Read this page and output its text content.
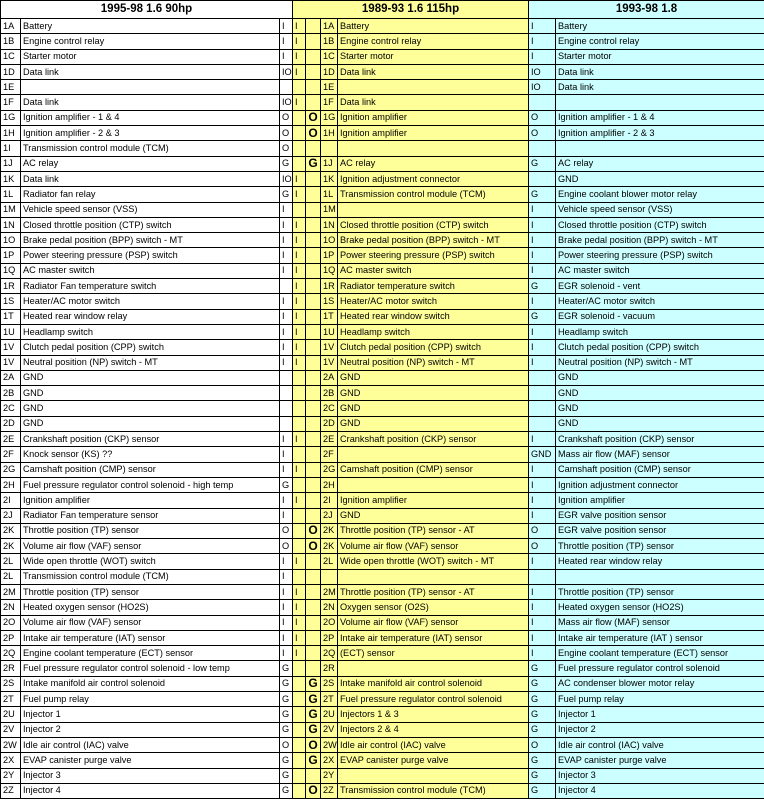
1995-98 1.6 90hp			1989-93 1.6 115hp				1993-98 1.8	
1A	Battery	I	I		1A	Battery	I	Battery
1B	Engine control relay	I	I		1B	Engine control relay	I	Engine control relay
1C	Starter motor	I	I		1C	Starter motor	I	Starter motor
1D	Data link	IO	I		1D	Data link	IO	Data link
1E					1E		IO	Data link
1F	Data link	IO	I		1F	Data link		
1G	Ignition amplifier - 1 & 4	O		O	1G	Ignition amplifier	O	Ignition amplifier - 1 & 4
1H	Ignition amplifier - 2 & 3	O		O	1H	Ignition amplifier	O	Ignition amplifier - 2 & 3
1I	Transmission control module (TCM)	O						
1J	AC relay	G		G	1J	AC relay	G	AC relay
1K	Data link	IO	I		1K	Ignition adjustment connector		GND
1L	Radiator fan relay	G	I		1L	Transmission control module (TCM)	G	Engine coolant blower motor relay
1M	Vehicle speed sensor (VSS)	I			1M		I	Vehicle speed sensor (VSS)
1N	Closed throttle position (CTP) switch	I	I		1N	Closed throttle position (CTP) switch	I	Closed throttle position (CTP) switch
1O	Brake pedal position (BPP) switch - MT	I	I		1O	Brake pedal position (BPP) switch - MT	I	Brake pedal position (BPP) switch - MT
1P	Power steering pressure (PSP) switch	I	I		1P	Power steering pressure (PSP) switch	I	Power steering pressure (PSP) switch
1Q	AC master switch	I	I		1Q	AC master switch	I	AC master switch
1R	Radiator Fan temperature switch		I		1R	Radiator temperature switch	G	EGR solenoid - vent
1S	Heater/AC motor switch	I	I		1S	Heater/AC motor switch	I	Heater/AC motor switch
1T	Heated rear window relay	I	I		1T	Heated rear window switch	G	EGR solenoid - vacuum
1U	Headlamp switch	I	I		1U	Headlamp switch	I	Headlamp switch
1V	Clutch pedal position (CPP) switch	I	I		1V	Clutch pedal position (CPP) switch	I	Clutch pedal position (CPP) switch
1V	Neutral position (NP) switch - MT	I	I		1V	Neutral position (NP) switch - MT	I	Neutral position (NP) switch - MT
2A	GND				2A	GND		GND
2B	GND				2B	GND		GND
2C	GND				2C	GND		GND
2D	GND				2D	GND		GND
2E	Crankshaft position (CKP) sensor	I	I		2E	Crankshaft position (CKP) sensor	I	Crankshaft position (CKP) sensor
2F	Knock sensor (KS) ??	I			2F		GND	Mass air flow (MAF) sensor
2G	Camshaft position (CMP) sensor	I	I		2G	Camshaft position (CMP) sensor	I	Camshaft position (CMP) sensor
2H	Fuel pressure regulator control solenoid - high temp	G			2H		I	Ignition adjustment connector
2I	Ignition amplifier	I	I		2I	Ignition amplifier	I	Ignition amplifier
2J	Radiator Fan temperature sensor	I			2J	GND	I	EGR valve position sensor
2K	Throttle position (TP) sensor	O		O	2K	Throttle position (TP) sensor - AT	O	EGR valve position sensor
2K	Volume air flow (VAF) sensor	O		O	2K	Volume air flow (VAF) sensor	O	Throttle position (TP) sensor
2L	Wide open throttle (WOT) switch	I	I		2L	Wide open throttle (WOT) switch - MT	I	Heated rear window relay
2L	Transmission control module (TCM)	I						
2M	Throttle position (TP) sensor	I	I		2M	Throttle position (TP) sensor - AT	I	Throttle position (TP) sensor
2N	Heated oxygen sensor (HO2S)	I	I		2N	Oxygen sensor (O2S)	I	Heated oxygen sensor (HO2S)
2O	Volume air flow (VAF) sensor	I	I		2O	Volume air flow (VAF) sensor	I	Mass air flow (MAF) sensor
2P	Intake air temperature (IAT) sensor	I	I		2P	Intake air temperature (IAT) sensor	I	Intake air temperature (IAT ) sensor
2Q	Engine coolant temperature (ECT) sensor	I	I		2Q	(ECT) sensor	I	Engine coolant temperature (ECT) sensor
2R	Fuel pressure regulator control solenoid - low temp	G			2R		G	Fuel pressure regulator control solenoid
2S	Intake manifold air control solenoid	G		G	2S	Intake manifold air control solenoid	G	AC condenser blower motor relay
2T	Fuel pump relay	G		G	2T	Fuel pressure regulator control solenoid	G	Fuel pump relay
2U	Injector 1	G		G	2U	Injectors 1 & 3	G	Injector 1
2V	Injector 2	G		G	2V	Injectors 2 & 4	G	Injector 2
2W	Idle air control (IAC) valve	O		O	2W	Idle air control (IAC) valve	O	Idle air control (IAC) valve
2X	EVAP canister purge valve	G		G	2X	EVAP canister purge valve	G	EVAP canister purge valve
2Y	Injector 3	G			2Y		G	Injector 3
2Z	Injector 4	G		O	2Z	Transmission control module (TCM)	G	Injector 4
